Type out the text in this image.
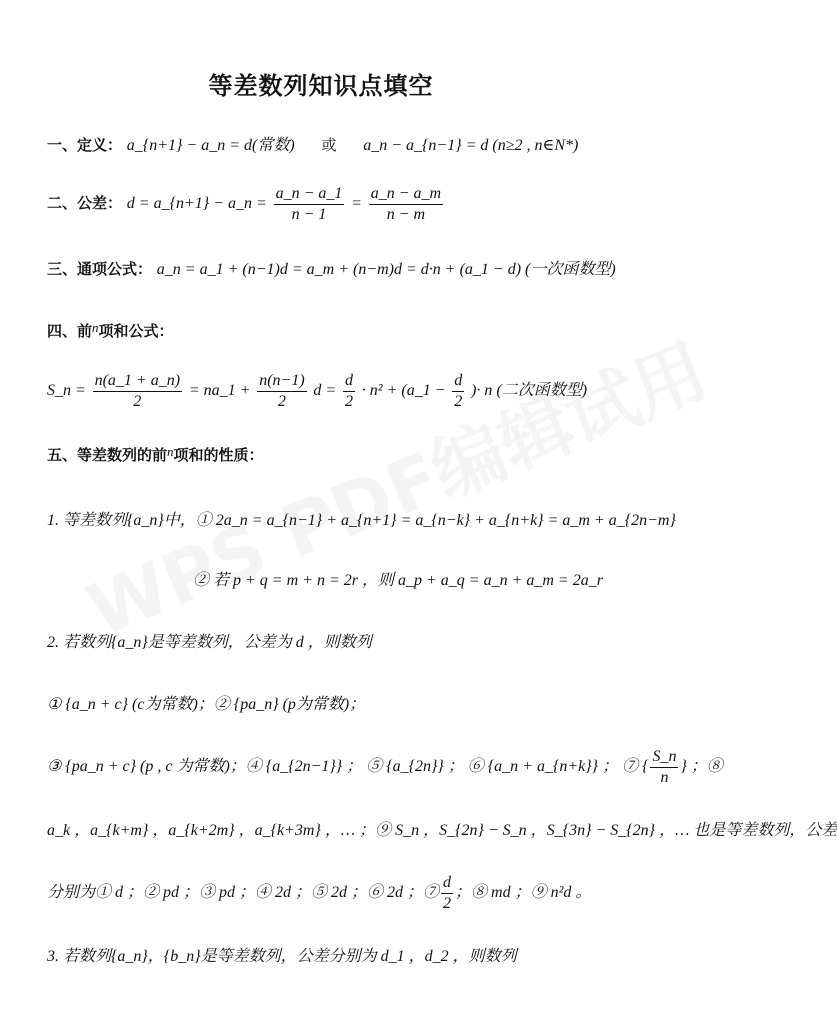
等差数列知识点填空
一、定义： a_{n+1} − a_n = d(常数) 或 a_n − a_{n−1} = d (n≥2 , n∈N*)
二、公差： d = a_{n+1} − a_n = $\frac{a\_n - a\_1}{n - 1} = \frac{a\_n - a\_m}{n - m}$
三、通项公式： a_n = a_1 + (n−1)d = a_m + (n−m)d = d·n + (a_1 − d) (一次函数型)
四、前n项和公式：
S_n = $\frac{n(a\_1 + a\_n)}{2}$ = na_1 + $\frac{n(n-1)}{2}$ $d = \frac{d}{2} \cdot n^2$ + (a_1 − $\frac{d}{2}$ )· n (二次函数型)
五、等差数列的前n项和的性质：
1. 等差数列{a_n}中，① 2a_n = a_{n−1} + a_{n+1} = a_{n−k} + a_{n+k} = a_m + a_{2n−m}
② 若 p + q = m + n = 2r ，则 a_p + a_q = a_n + a_m = 2a_r
2. 若数列{a_n}是等差数列，公差为 d ，则数列
① {a_n + c} (c为常数)；② {pa_n} (p为常数)；
③ {pa_n + c} (p , c 为常数)；④ {a_{2n−1}} ； ⑤ {a_{2n}} ； ⑥ {a_n + a_{n+k}} ； ⑦ { $\frac{S\_n}{n}$ } ；⑧
a_k ，a_{k+m} ，a_{k+2m} ，a_{k+3m} ，… ；⑨ S_n ，S_{2n} − S_n ，S_{3n} − S_{2n} ，… 也是等差数列，公差
分别为① d ；② pd ；③ pd ；④ 2d ；⑤ 2d ；⑥ 2d ；⑦ $\frac{d}{2}$ ；⑧ md ；⑨ n²d 。
3. 若数列{a_n}，{b_n}是等差数列，公差分别为 d_1 ，d_2 ，则数列
